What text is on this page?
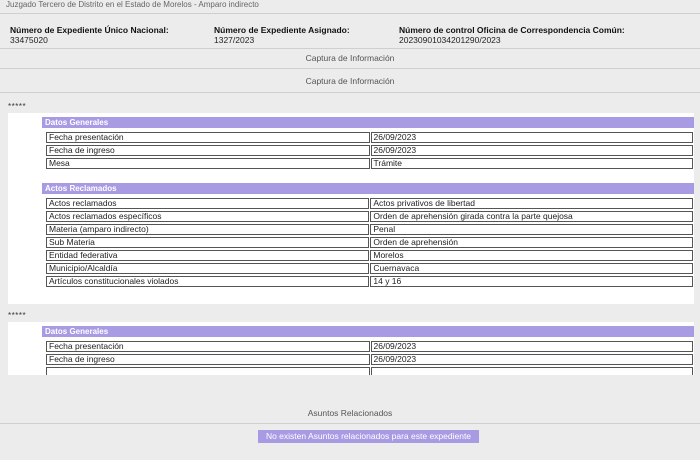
Juzgado Tercero de Distrito en el Estado de Morelos - Amparo indirecto
Número de Expediente Único Nacional:
33475020
Número de Expediente Asignado:
1327/2023
Número de control Oficina de Correspondencia Común:
20230901034201290/2023
Captura de Información
Captura de Información
*****
Datos Generales
Fecha presentación	26/09/2023
Fecha de ingreso	26/09/2023
Mesa	Trámite
Actos Reclamados
Actos reclamados	Actos privativos de libertad
Actos reclamados específicos	Orden de aprehensión girada contra la parte quejosa
Materia (amparo indirecto)	Penal
Sub Materia	Orden de aprehensión
Entidad federativa	Morelos
Municipio/Alcaldía	Cuernavaca
Artículos constitucionales violados	14 y 16
*****
Datos Generales
Fecha presentación	26/09/2023
Fecha de ingreso	26/09/2023

Asuntos Relacionados
No existen Asuntos relacionados para este expediente
